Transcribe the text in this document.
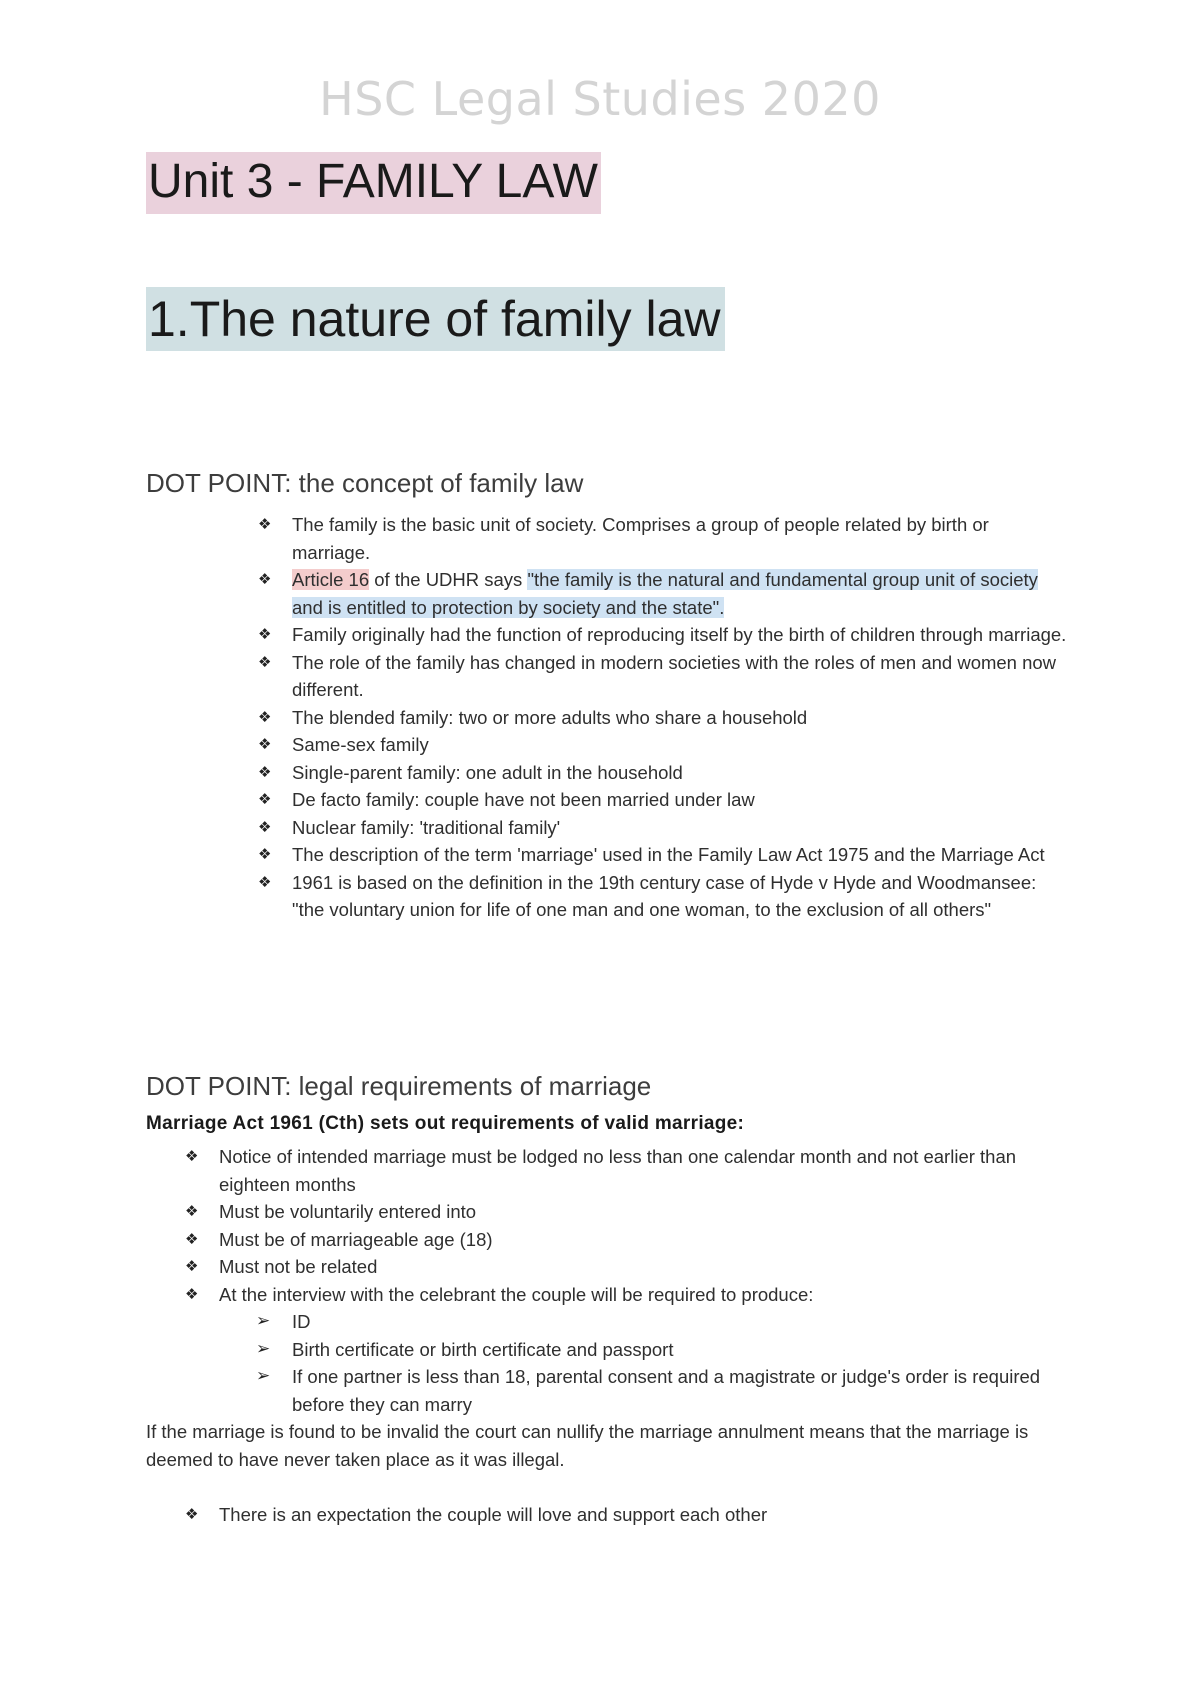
HSC Legal Studies 2020
Unit 3 - FAMILY LAW
1.The nature of family law
DOT POINT: the concept of family law
❖ The family is the basic unit of society. Comprises a group of people related by birth or marriage.
❖ Article 16 of the UDHR says "the family is the natural and fundamental group unit of society and is entitled to protection by society and the state".
❖ Family originally had the function of reproducing itself by the birth of children through marriage.
❖ The role of the family has changed in modern societies with the roles of men and women now different.
❖ The blended family: two or more adults who share a household
❖ Same-sex family
❖ Single-parent family: one adult in the household
❖ De facto family: couple have not been married under law
❖ Nuclear family: 'traditional family'
❖ The description of the term 'marriage' used in the Family Law Act 1975 and the Marriage Act
❖ 1961 is based on the definition in the 19th century case of Hyde v Hyde and Woodmansee: "the voluntary union for life of one man and one woman, to the exclusion of all others"
DOT POINT: legal requirements of marriage

Marriage Act 1961 (Cth) sets out requirements of valid marriage:

❖ Notice of intended marriage must be lodged no less than one calendar month and not earlier than eighteen months
❖ Must be voluntarily entered into
❖ Must be of marriageable age (18)
❖ Must not be related
❖ At the interview with the celebrant the couple will be required to produce:
➢ ID
➢ Birth certificate or birth certificate and passport
➢ If one partner is less than 18, parental consent and a magistrate or judge's order is required before they can marry

If the marriage is found to be invalid the court can nullify the marriage annulment means that the marriage is deemed to have never taken place as it was illegal.

❖ There is an expectation the couple will love and support each other
